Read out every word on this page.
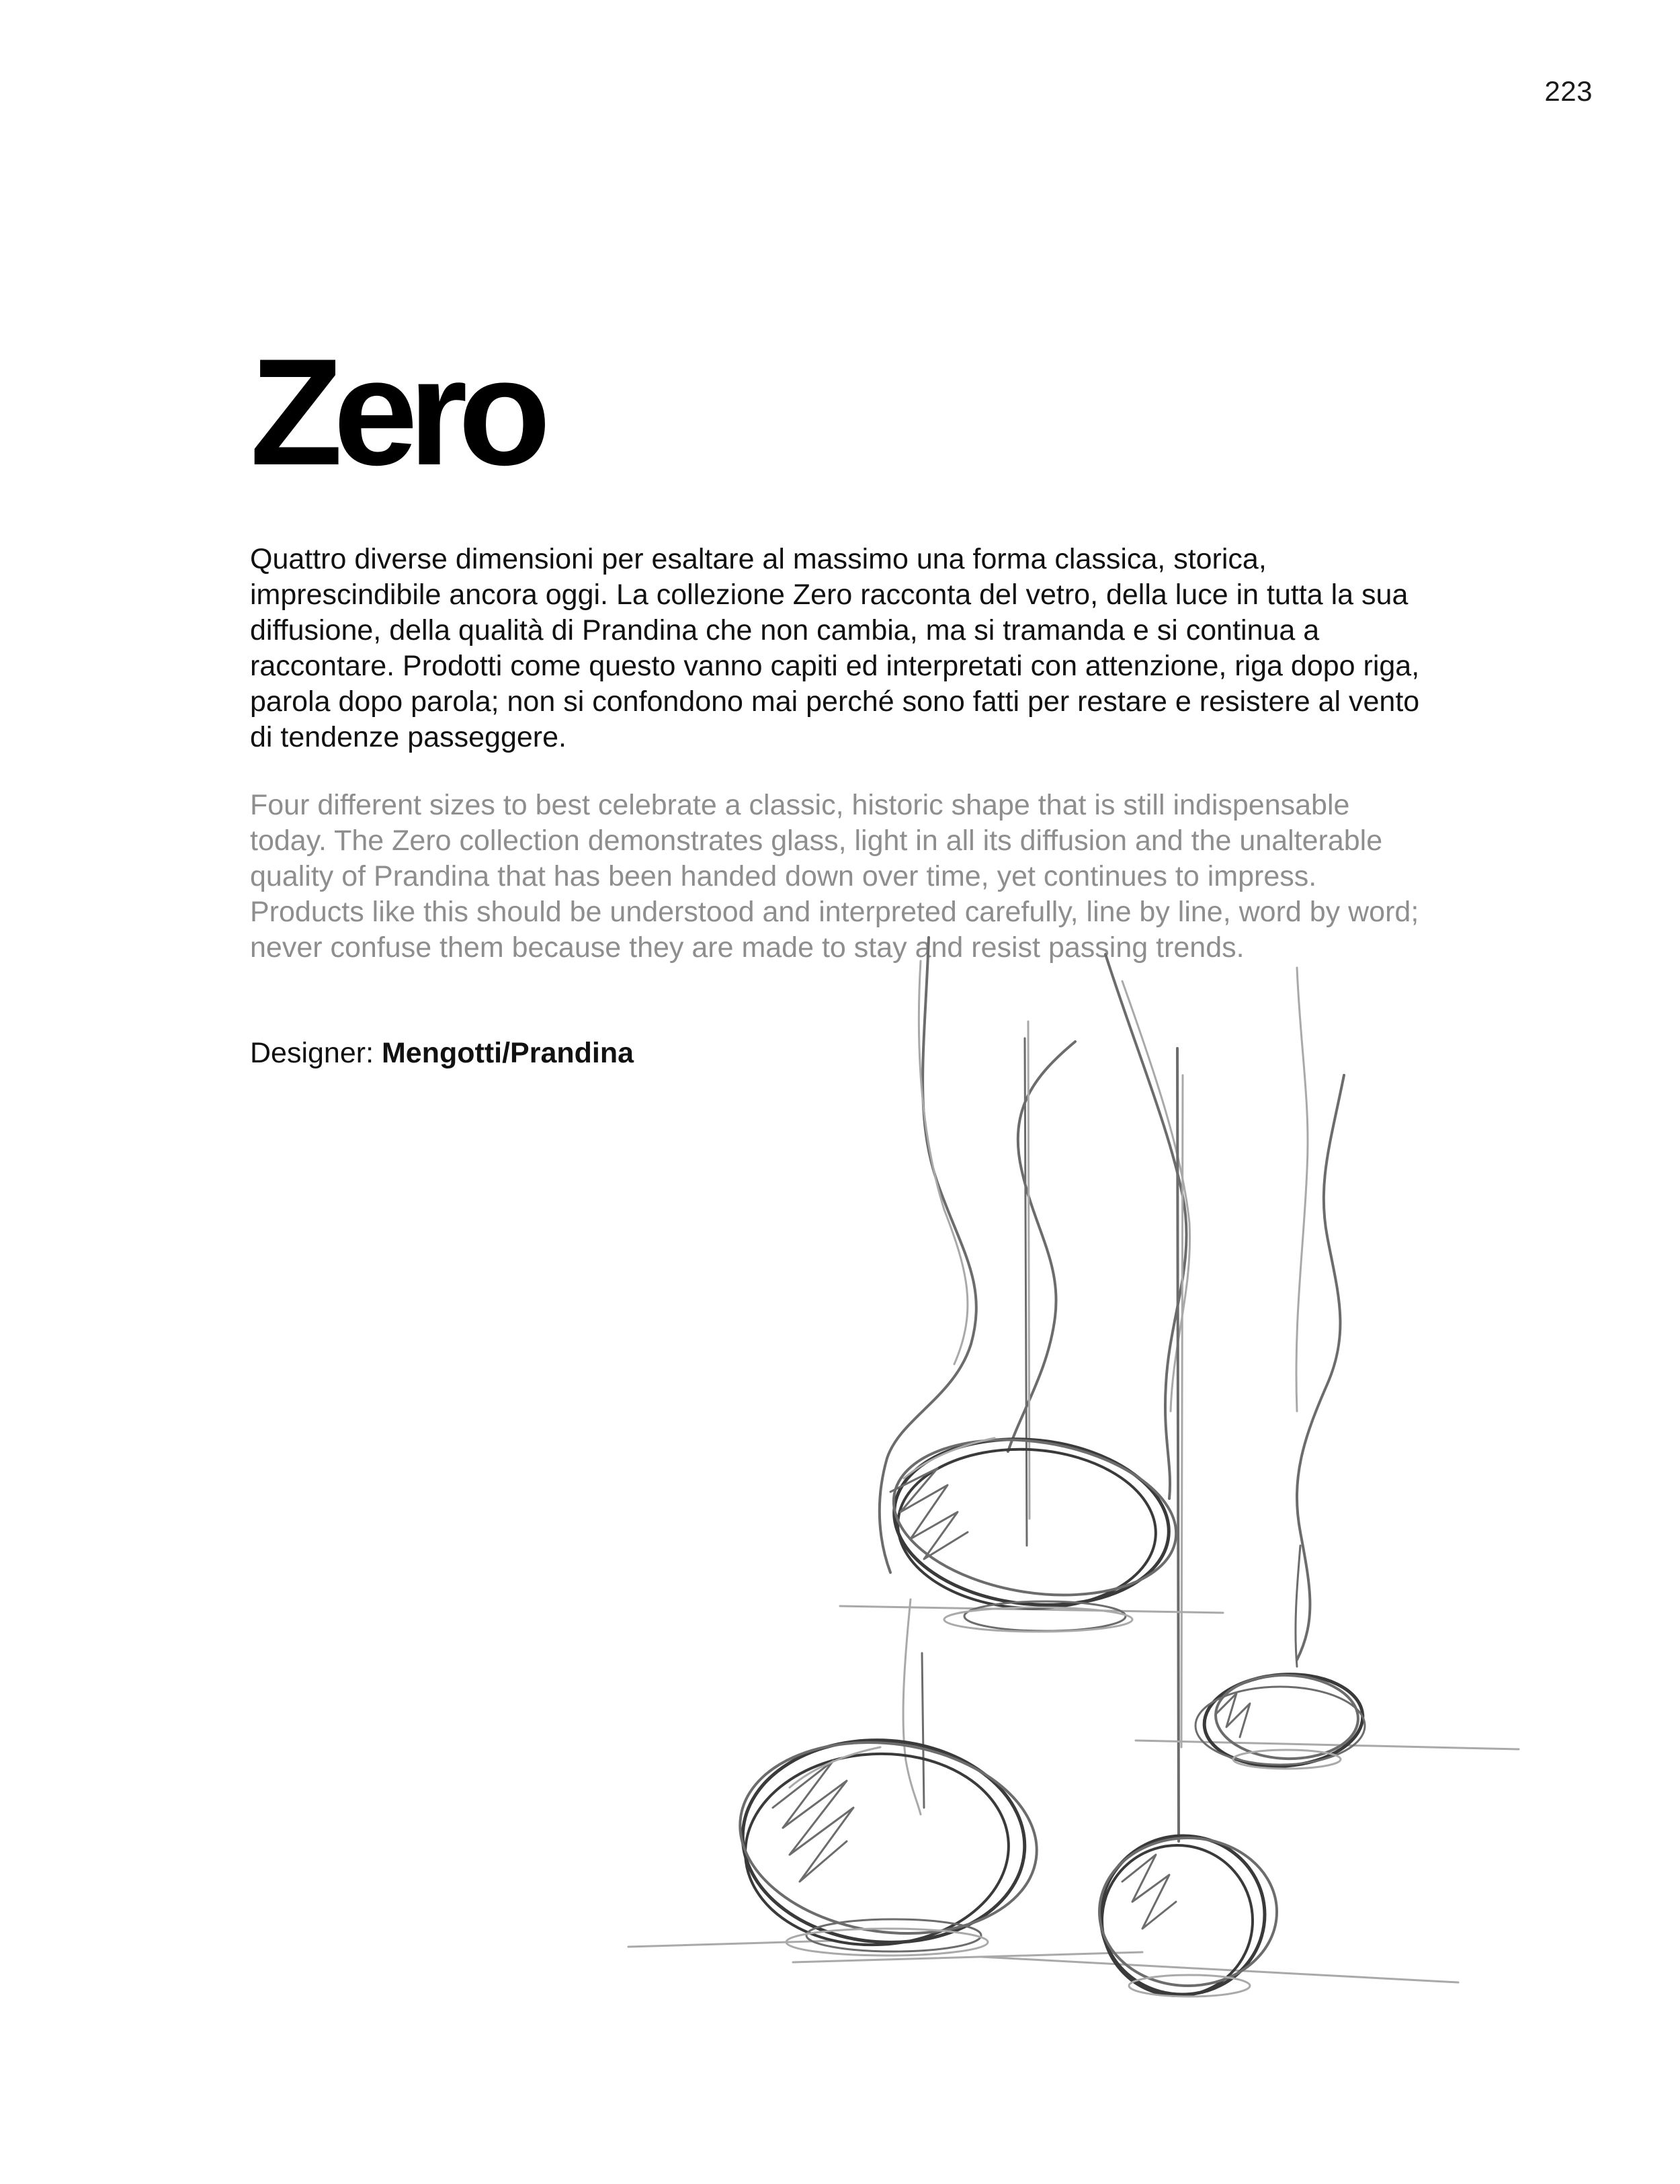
223
Zero

Quattro diverse dimensioni per esaltare al massimo una forma classica, storica, imprescindibile ancora oggi. La collezione Zero racconta del vetro, della luce in tutta la sua diffusione, della qualità di Prandina che non cambia, ma si tramanda e si continua a raccontare. Prodotti come questo vanno capiti ed interpretati con attenzione, riga dopo riga, parola dopo parola; non si confondono mai perché sono fatti per restare e resistere al vento di tendenze passeggere.

Four different sizes to best celebrate a classic, historic shape that is still indispensable today. The Zero collection demonstrates glass, light in all its diffusion and the unalterable quality of Prandina that has been handed down over time, yet continues to impress. Products like this should be understood and interpreted carefully, line by line, word by word; never confuse them because they are made to stay and resist passing trends.

Designer: Mengotti/Prandina
